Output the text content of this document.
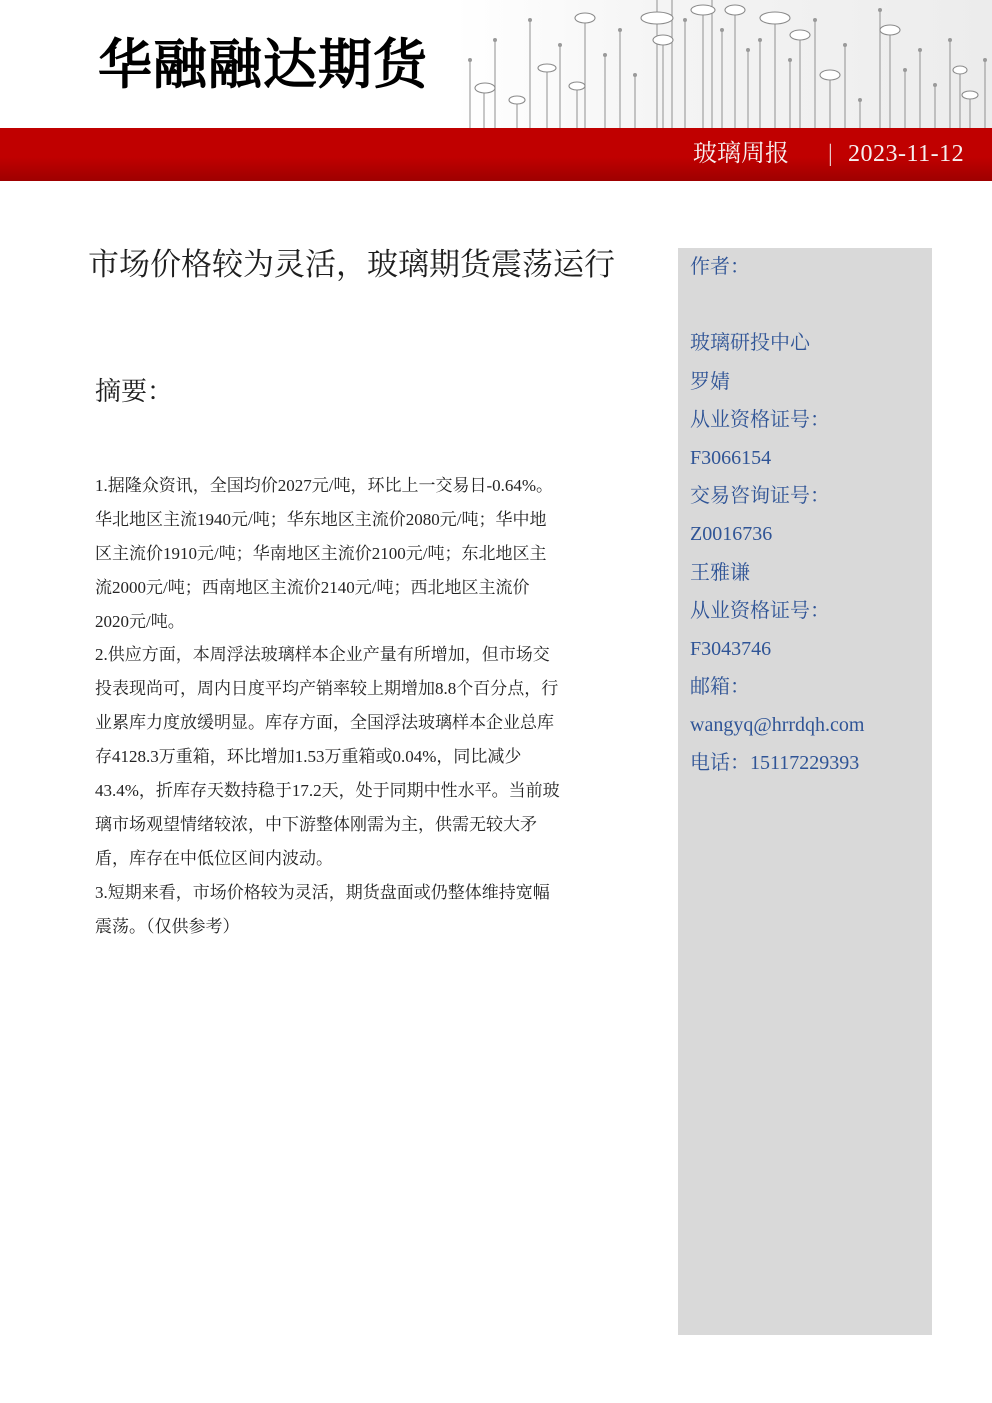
华融融达期货
玻璃周报 | 2023-11-12
市场价格较为灵活，玻璃期货震荡运行
摘要：
1.据隆众资讯，全国均价2027元/吨，环比上一交易日-0.64%。
华北地区主流1940元/吨；华东地区主流价2080元/吨；华中地
区主流价1910元/吨；华南地区主流价2100元/吨；东北地区主
流2000元/吨；西南地区主流价2140元/吨；西北地区主流价
2020元/吨。
2.供应方面，本周浮法玻璃样本企业产量有所增加，但市场交
投表现尚可，周内日度平均产销率较上期增加8.8个百分点，行
业累库力度放缓明显。库存方面，全国浮法玻璃样本企业总库
存4128.3万重箱，环比增加1.53万重箱或0.04%，同比减少
43.4%，折库存天数持稳于17.2天，处于同期中性水平。当前玻
璃市场观望情绪较浓，中下游整体刚需为主，供需无较大矛
盾，库存在中低位区间内波动。
3.短期来看，市场价格较为灵活，期货盘面或仍整体维持宽幅
震荡。（仅供参考）
作者：
玻璃研投中心
罗婧
从业资格证号：
F3066154
交易咨询证号：
Z0016736
王雅谦
从业资格证号：
F3043746
邮箱：
wangyq@hrrdqh.com
电话：15117229393
